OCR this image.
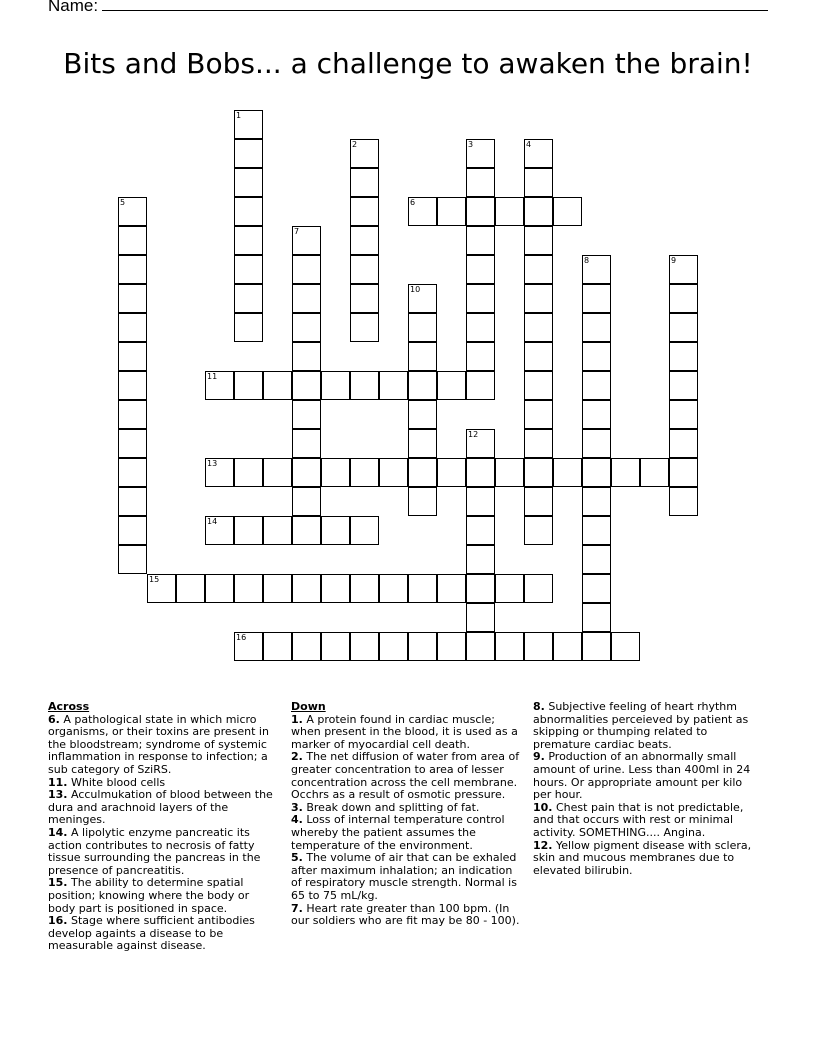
Name:
Bits and Bobs... a challenge to awaken the brain!
1
2	3	4
5	6
7
8	9
10
11
12
13
14
15
16
Across

6. A pathological state in which micro organisms, or their toxins are present in the bloodstream; syndrome of systemic inflammation in response to infection; a sub category of SziRS.

11. White blood cells

13. Acculmukation of blood between the dura and arachnoid layers of the meninges.

14. A lipolytic enzyme pancreatic its action contributes to necrosis of fatty tissue surrounding the pancreas in the presence of pancreatitis.

15. The ability to determine spatial position; knowing where the body or body part is positioned in space.

16. Stage where sufficient antibodies develop againts a disease to be measurable against disease.

Down

1. A protein found in cardiac muscle; when present in the blood, it is used as a marker of myocardial cell death.

2. The net diffusion of water from area of greater concentration to area of lesser concentration across the cell membrane. Occhrs as a result of osmotic pressure.

3. Break down and splitting of fat.

4. Loss of internal temperature control whereby the patient assumes the temperature of the environment.

5. The volume of air that can be exhaled after maximum inhalation; an indication of respiratory muscle strength. Normal is 65 to 75 mL/kg.

7. Heart rate greater than 100 bpm. (In our soldiers who are fit may be 80 - 100).

8. Subjective feeling of heart rhythm abnormalities perceieved by patient as skipping or thumping related to premature cardiac beats.

9. Production of an abnormally small amount of urine. Less than 400ml in 24 hours. Or appropriate amount per kilo per hour.

10. Chest pain that is not predictable, and that occurs with rest or minimal activity. SOMETHING.... Angina.

12. Yellow pigment disease with sclera, skin and mucous membranes due to elevated bilirubin.
